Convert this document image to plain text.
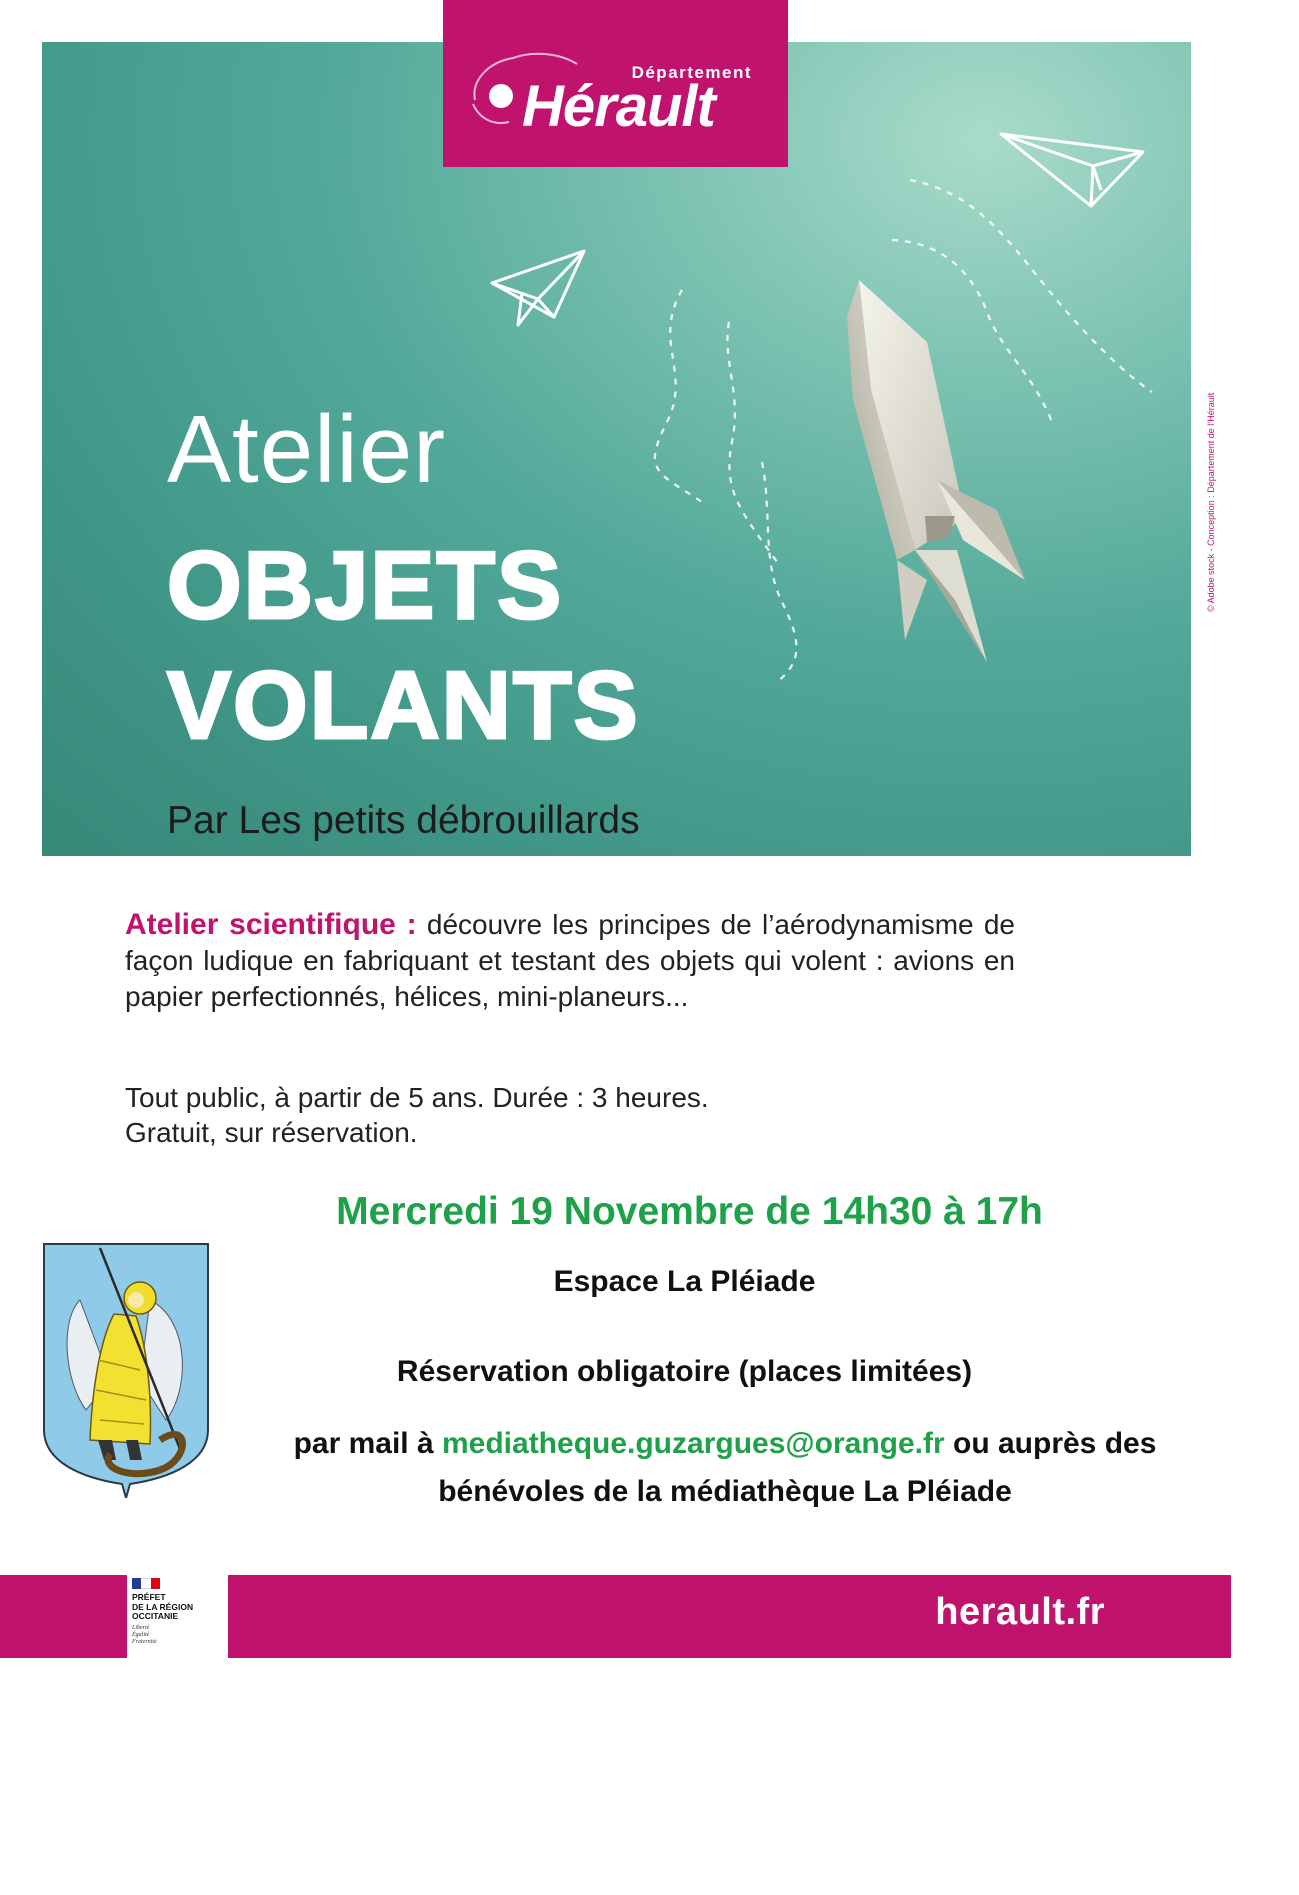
Atelier
OBJETS
VOLANTS
Par Les petits débrouillards
Département
Hérault
© Adobe stock - Conception : Département de l’Hérault
Atelier scientifique : découvre les principes de l’aérodynamisme de façon ludique en fabriquant et testant des objets qui volent : avions en papier perfectionnés, hélices, mini-planeurs...
Tout public, à partir de 5 ans. Durée : 3 heures.
Gratuit, sur réservation.
Mercredi 19 Novembre de 14h30 à 17h
Espace La Pléiade
Réservation obligatoire (places limitées)
par mail à mediatheque.guzargues@orange.fr ou auprès des bénévoles de la médiathèque La Pléiade
PRÉFET
DE LA RÉGION
OCCITANIE
Liberté
Égalité
Fraternité
herault.fr
